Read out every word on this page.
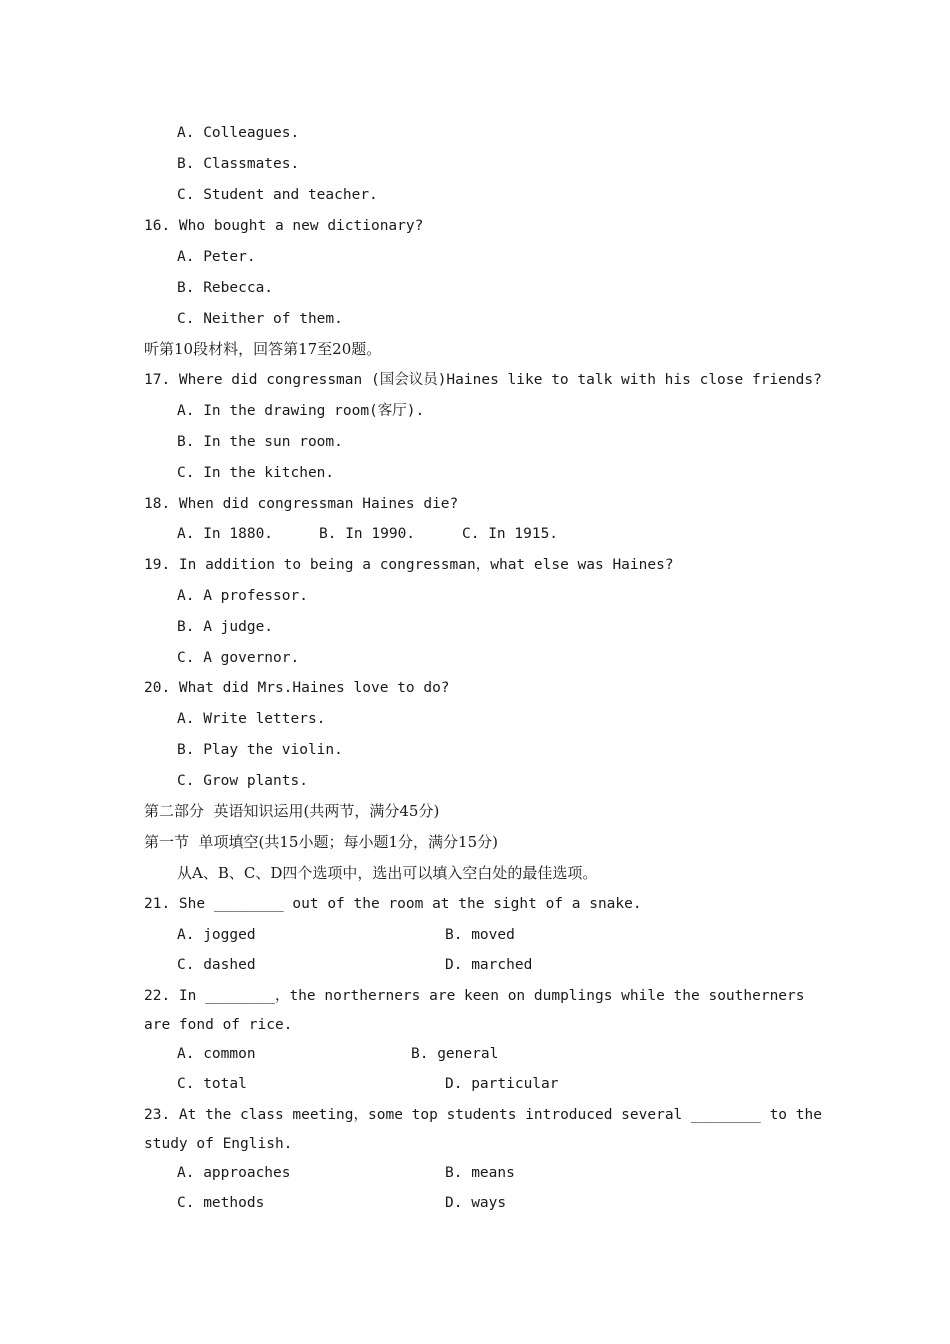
A. Colleagues.
B. Classmates.
C. Student and teacher.
16. Who bought a new dictionary?
A. Peter.
B. Rebecca.
C. Neither of them.
听第10段材料，回答第17至20题。
17. Where did congressman (国会议员)Haines like to talk with his close friends?
A. In the drawing room(客厅).
B. In the sun room.
C. In the kitchen.
18. When did congressman Haines die?
A. In 1880.	B. In 1990.	C. In 1915.
19. In addition to being a congressman，what else was Haines?
A. A professor.
B. A judge.
C. A governor.
20. What did Mrs.Haines love to do?
A. Write letters.
B. Play the violin.
C. Grow plants.
第二部分  英语知识运用(共两节，满分45分)
第一节  单项填空(共15小题；每小题1分，满分15分)
从A、B、C、D四个选项中，选出可以填入空白处的最佳选项。
21. She ________ out of the room at the sight of a snake.
A. jogged	B. moved
C. dashed	D. marched
22. In ________，the northerners are keen on dumplings while the southerners
are fond of rice.
A. common	B. general
C. total	D. particular
23. At the class meeting，some top students introduced several ________ to the
study of English.
A. approaches	B. means
C. methods	D. ways
